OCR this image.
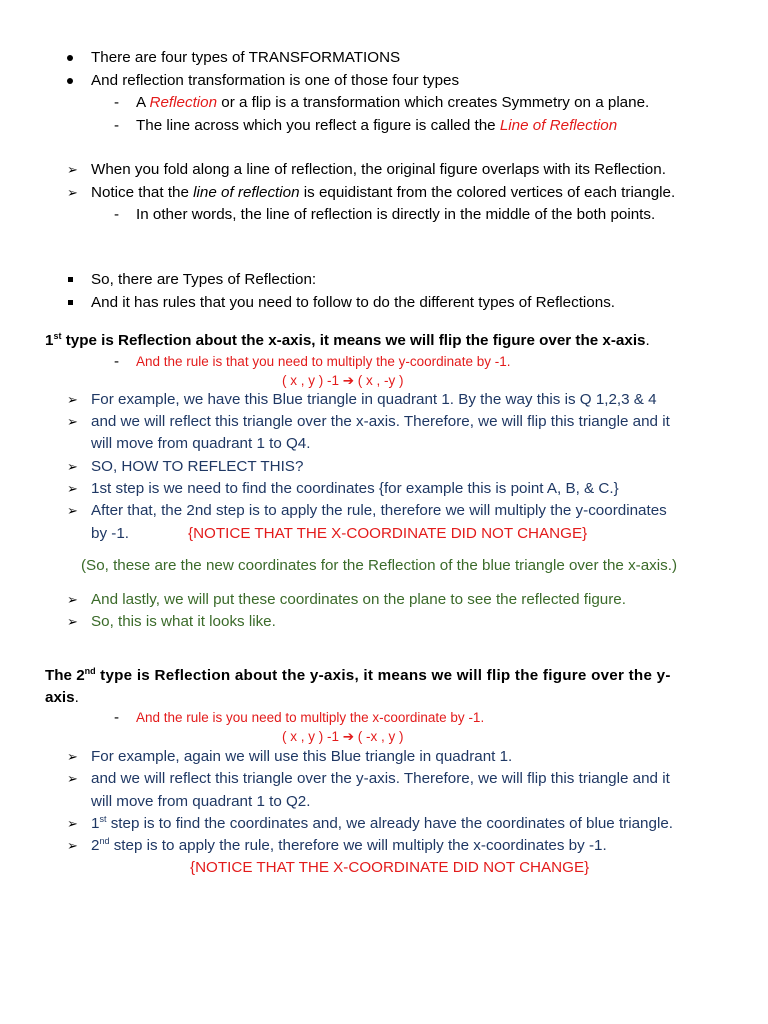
There are four types of TRANSFORMATIONS
And reflection transformation is one of those four types
- A Reflection or a flip is a transformation which creates Symmetry on a plane.
- The line across which you reflect a figure is called the Line of Reflection
➢ When you fold along a line of reflection, the original figure overlaps with its Reflection.
➢ Notice that the line of reflection is equidistant from the colored vertices of each triangle.
- In other words, the line of reflection is directly in the middle of the both points.
So, there are Types of Reflection:
And it has rules that you need to follow to do the different types of Reflections.
1st type is Reflection about the x-axis, it means we will flip the figure over the x-axis.
- And the rule is that you need to multiply the y-coordinate by -1.
( x , y ) -1 ➔ ( x , -y )
➢ For example, we have this Blue triangle in quadrant 1. By the way this is Q 1,2,3 & 4
➢ and we will reflect this triangle over the x-axis. Therefore, we will flip this triangle and it
will move from quadrant 1 to Q4.
➢ SO, HOW TO REFLECT THIS?
➢ 1st step is we need to find the coordinates {for example this is point A, B, & C.}
➢ After that, the 2nd step is to apply the rule, therefore we will multiply the y-coordinates
by -1.	{NOTICE THAT THE X-COORDINATE DID NOT CHANGE}
(So, these are the new coordinates for the Reflection of the blue triangle over the x-axis.)
➢ And lastly, we will put these coordinates on the plane to see the reflected figure.
➢ So, this is what it looks like.
The 2nd type is Reflection about the y-axis, it means we will flip the figure over the y-
axis.
- And the rule is you need to multiply the x-coordinate by -1.
( x , y ) -1 ➔ ( -x , y )
➢ For example, again we will use this Blue triangle in quadrant 1.
➢ and we will reflect this triangle over the y-axis. Therefore, we will flip this triangle and it
will move from quadrant 1 to Q2.
➢ 1st step is to find the coordinates and, we already have the coordinates of blue triangle.
➢ 2nd step is to apply the rule, therefore we will multiply the x-coordinates by -1.
{NOTICE THAT THE X-COORDINATE DID NOT CHANGE}
